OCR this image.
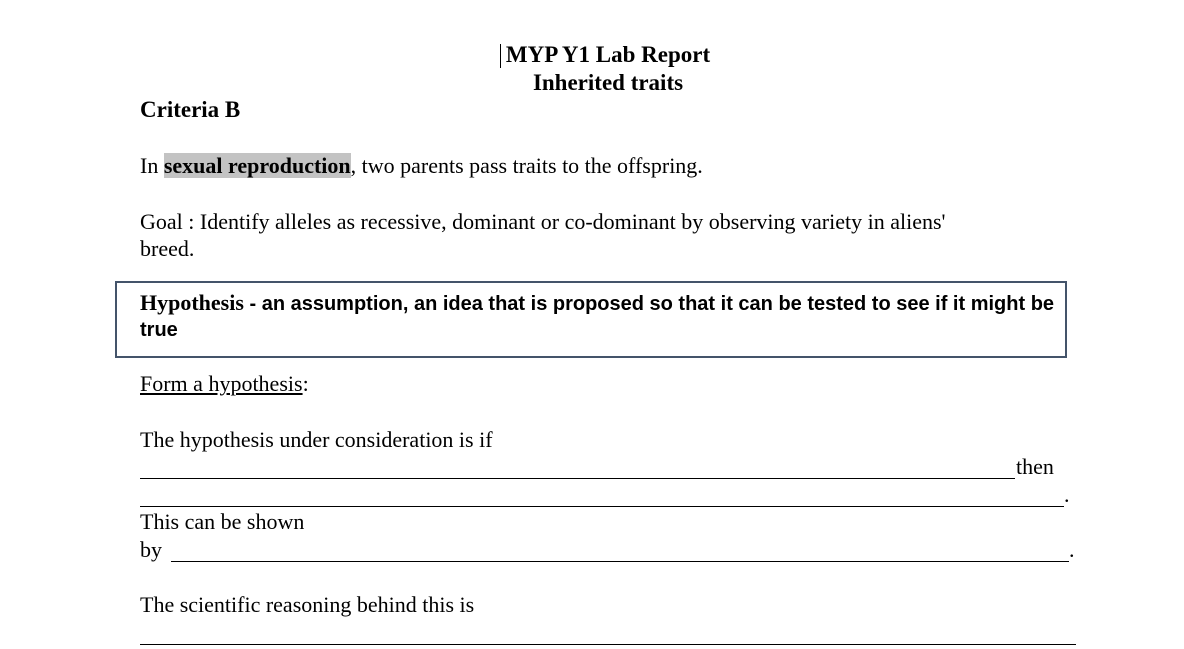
MYP Y1 Lab Report
Inherited traits
Criteria B
In sexual reproduction, two parents pass traits to the offspring.
Goal : Identify alleles as recessive, dominant or co-dominant by observing variety in aliens'
breed.
Hypothesis - an assumption, an idea that is proposed so that it can be tested to see if it might be true
Form a hypothesis:
The hypothesis under consideration is if
then
.
This can be shown
by	.
The scientific reasoning behind this is
